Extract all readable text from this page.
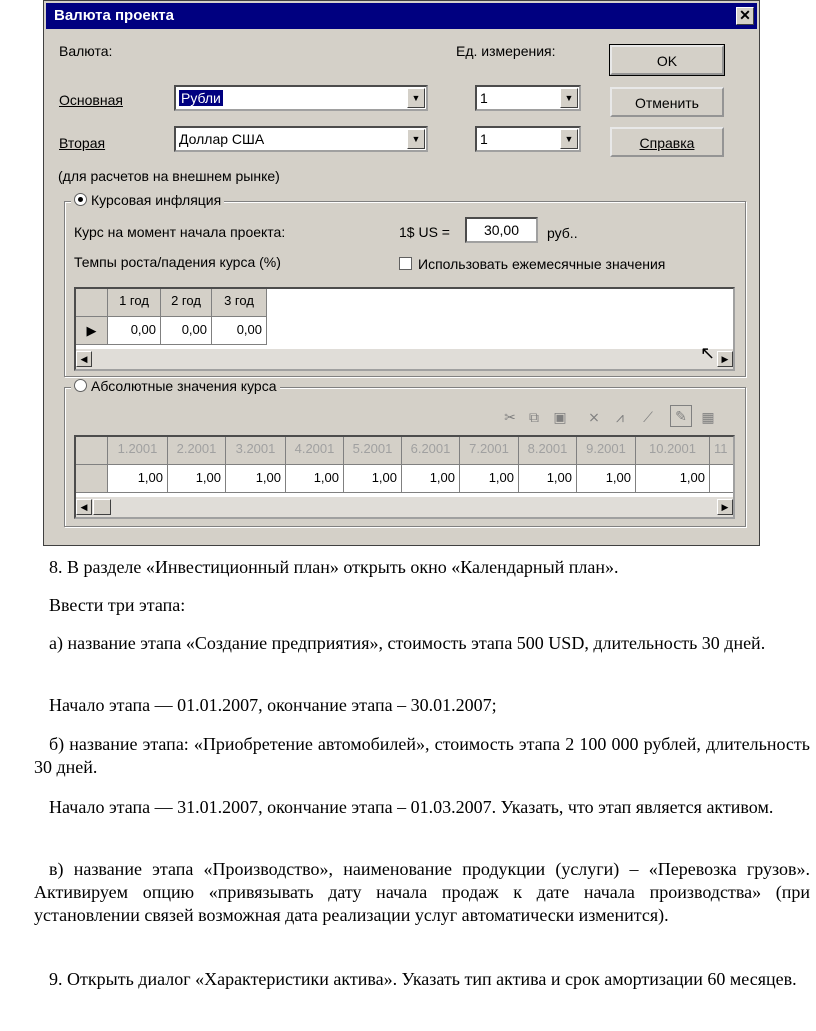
Валюта проекта	✕
Валюта:	Ед. измерения:
Основная	Рубли	▼	1	▼
Вторая	Доллар США	▼	1	▼
OK
Отменить
Справка
(для расчетов на внешнем рынке)
Курсовая инфляция
Курс на момент начала проекта:	1$ US =	30,00	руб..
Темпы роста/падения курса (%)	Использовать ежемесячные значения
1 год	2 год	3 год
▶	0,00	0,00	0,00
◀	▶
↖
Абсолютные значения курса
✂ ⧉	▣ ⨯	⩘	⟋	✎	▦
1.2001	2.2001	3.2001	4.2001	5.2001	6.2001	7.2001	8.2001	9.2001	10.2001	11
1,00	1,00	1,00	1,00	1,00	1,00	1,00	1,00	1,00	1,00
◀	▶
8. В разделе «Инвестиционный план» открыть окно «Календарный план».
Ввести три этапа:
а) название этапа «Создание предприятия», стоимость этапа 500 USD, длительность 30 дней.
Начало этапа — 01.01.2007, окончание этапа – 30.01.2007;
б) название этапа: «Приобретение автомобилей», стоимость этапа 2 100 000 рублей, длительность 30 дней.
Начало этапа — 31.01.2007, окончание этапа – 01.03.2007. Указать, что этап является активом.
в) название этапа «Производство», наименование продукции (услуги) – «Перевозка грузов». Активируем опцию «привязывать дату начала продаж к дате начала производства» (при установлении связей возможная дата реализации услуг автоматически изменится).
9. Открыть диалог «Характеристики актива». Указать тип актива и срок амортизации 60 месяцев.
